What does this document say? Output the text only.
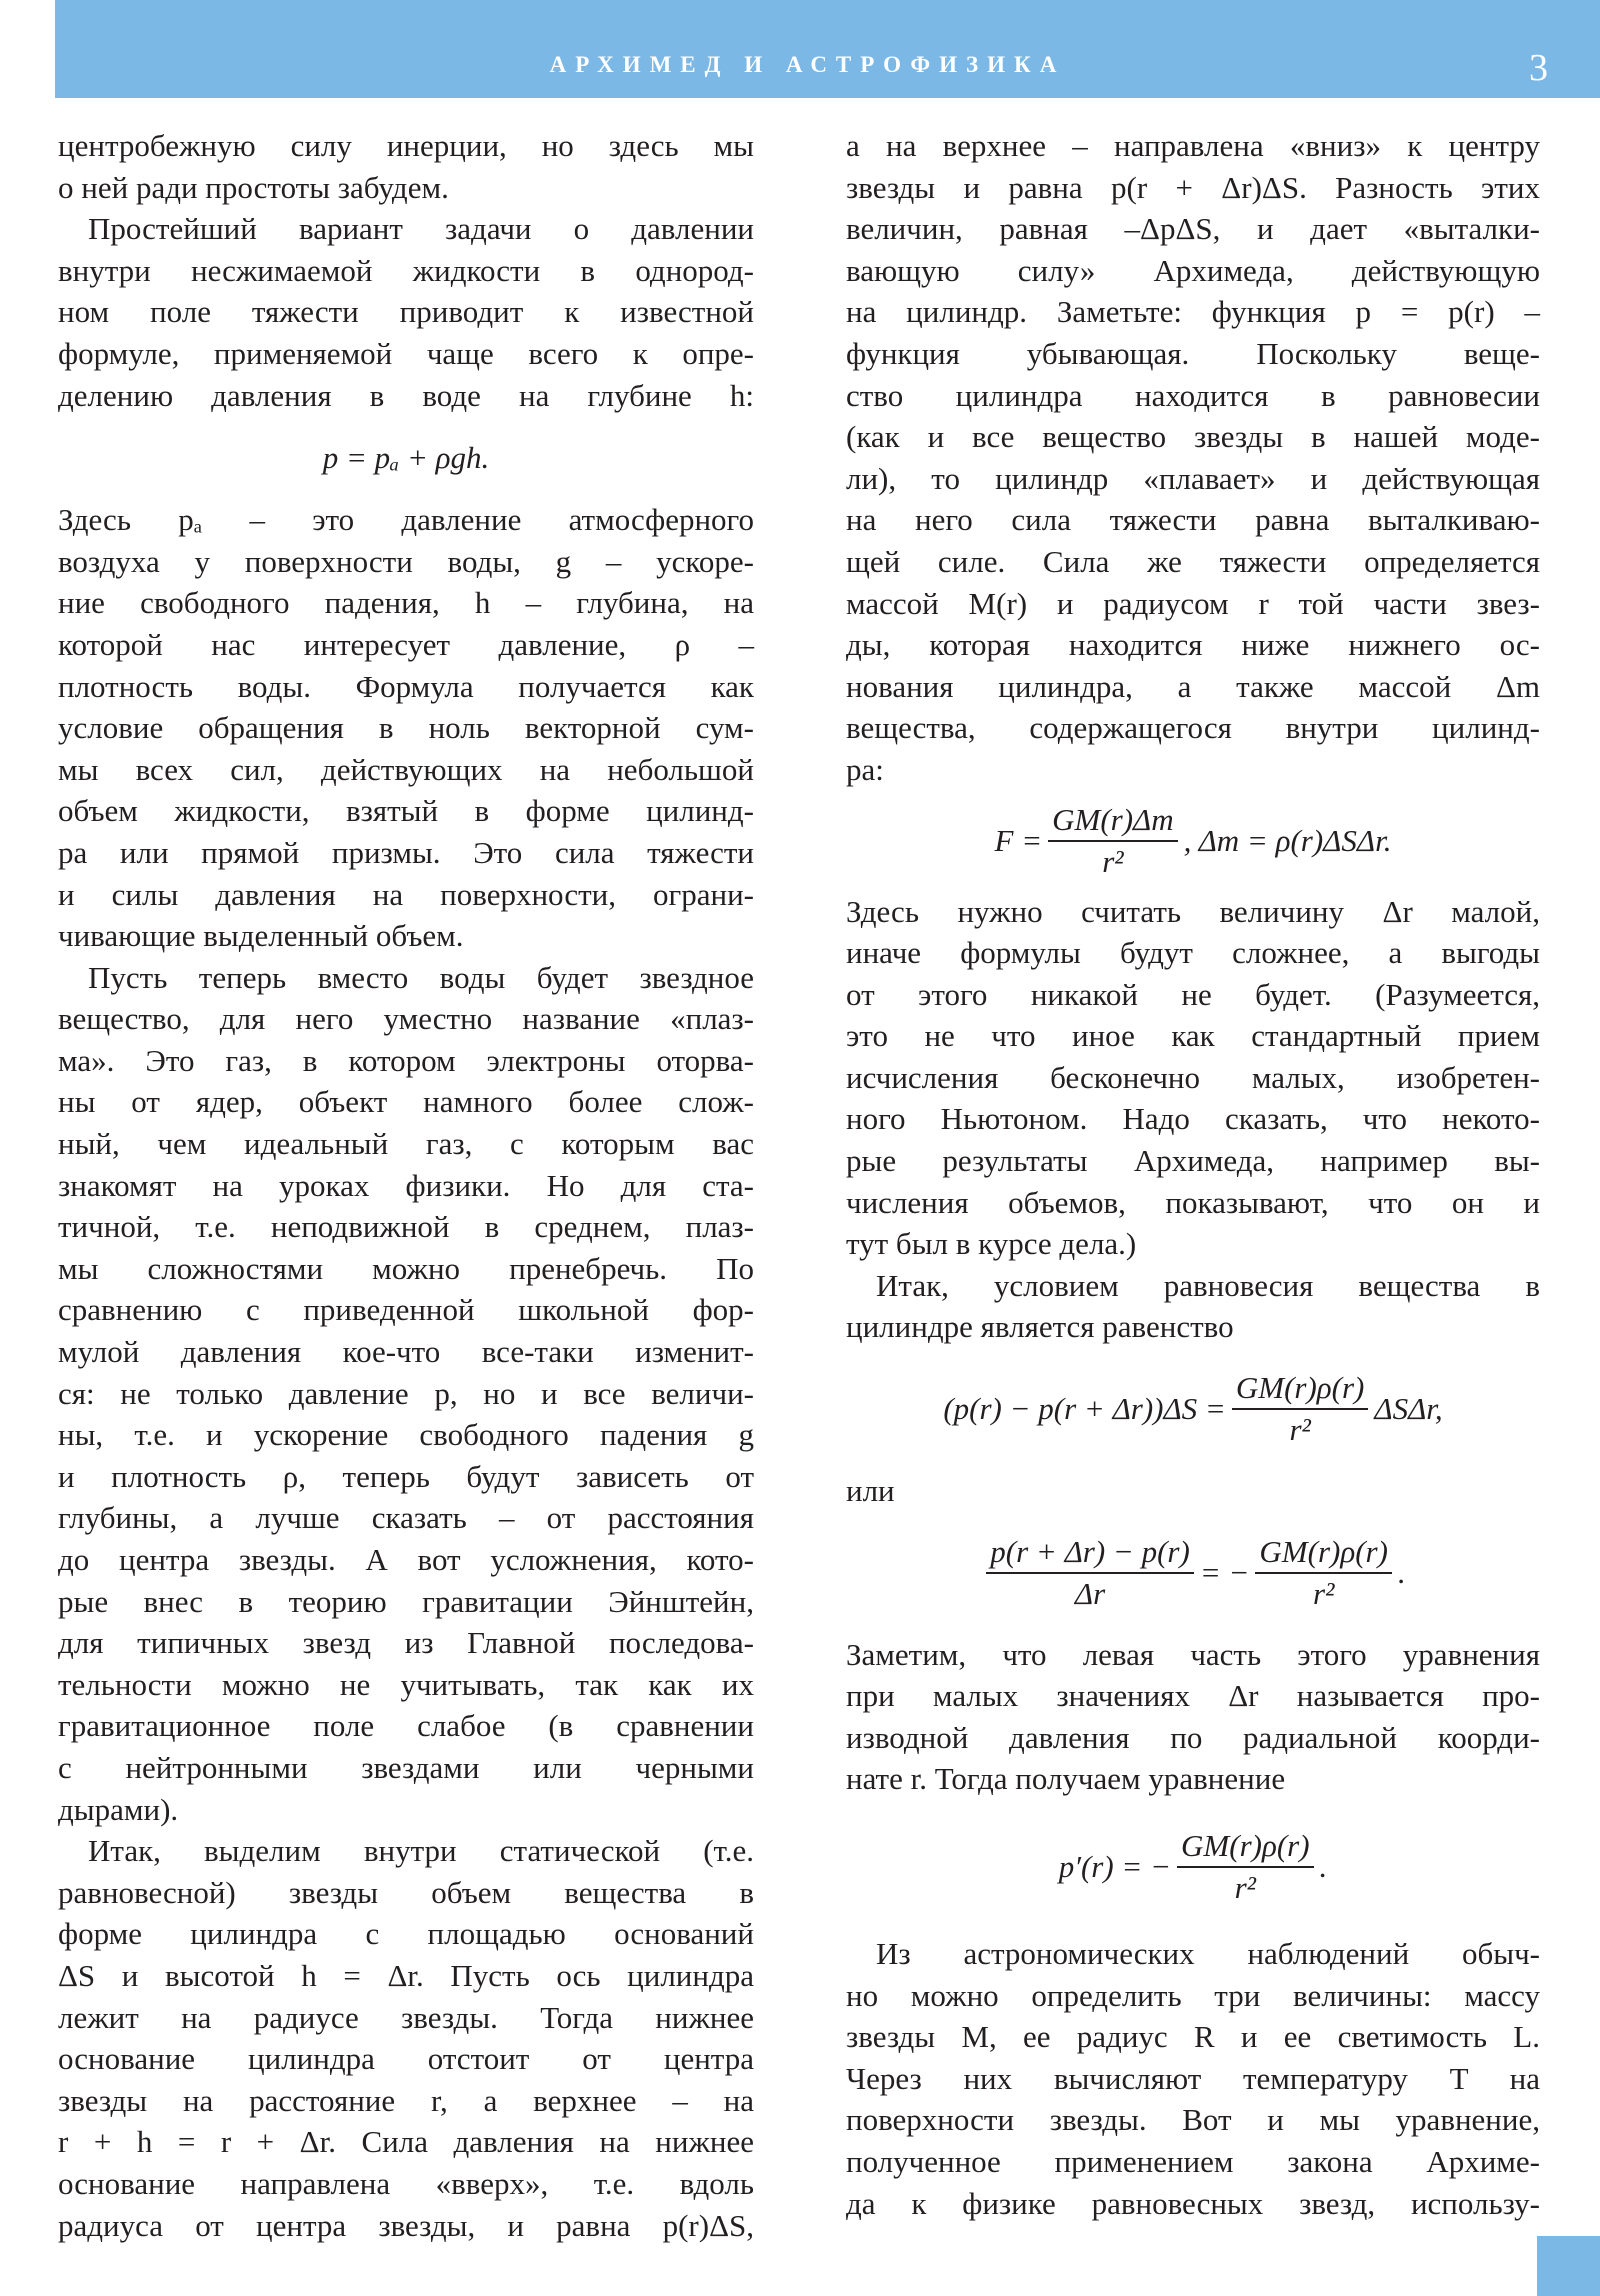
АРХИМЕД И АСТРОФИЗИКА	3
центробежную силу инерции, но здесь мы
о ней ради простоты забудем.
Простейший вариант задачи о давлении
внутри несжимаемой жидкости в однород-
ном поле тяжести приводит к известной
формуле, применяемой чаще всего к опре-
делению давления в воде на глубине h:
p = pₐ + ρgh.
Здесь pₐ – это давление атмосферного
воздуха у поверхности воды, g – ускоре-
ние свободного падения, h – глубина, на
которой нас интересует давление, ρ –
плотность воды. Формула получается как
условие обращения в ноль векторной сум-
мы всех сил, действующих на небольшой
объем жидкости, взятый в форме цилинд-
ра или прямой призмы. Это сила тяжести
и силы давления на поверхности, ограни-
чивающие выделенный объем.
Пусть теперь вместо воды будет звездное
вещество, для него уместно название «плаз-
ма». Это газ, в котором электроны оторва-
ны от ядер, объект намного более слож-
ный, чем идеальный газ, с которым вас
знакомят на уроках физики. Но для ста-
тичной, т.е. неподвижной в среднем, плаз-
мы сложностями можно пренебречь. По
сравнению с приведенной школьной фор-
мулой давления кое-что все-таки изменит-
ся: не только давление p, но и все величи-
ны, т.е. и ускорение свободного падения g
и плотность ρ, теперь будут зависеть от
глубины, а лучше сказать – от расстояния
до центра звезды. А вот усложнения, кото-
рые внес в теорию гравитации Эйнштейн,
для типичных звезд из Главной последова-
тельности можно не учитывать, так как их
гравитационное поле слабое (в сравнении
с нейтронными звездами или черными
дырами).
Итак, выделим внутри статической (т.е.
равновесной) звезды объем вещества в
форме цилиндра с площадью оснований
ΔS и высотой h = Δr. Пусть ось цилиндра
лежит на радиусе звезды. Тогда нижнее
основание цилиндра отстоит от центра
звезды на расстояние r, а верхнее – на
r + h = r + Δr. Сила давления на нижнее
основание направлена «вверх», т.е. вдоль
радиуса от центра звезды, и равна p(r)ΔS,
а на верхнее – направлена «вниз» к центру
звезды и равна p(r + Δr)ΔS. Разность этих
величин, равная –ΔpΔS, и дает «выталки-
вающую силу» Архимеда, действующую
на цилиндр. Заметьте: функция p = p(r) –
функция убывающая. Поскольку веще-
ство цилиндра находится в равновесии
(как и все вещество звезды в нашей моде-
ли), то цилиндр «плавает» и действующая
на него сила тяжести равна выталкиваю-
щей силе. Сила же тяжести определяется
массой M(r) и радиусом r той части звез-
ды, которая находится ниже нижнего ос-
нования цилиндра, а также массой Δm
вещества, содержащегося внутри цилинд-
ра:
$F = \frac{GM(r)\Delta m}{\text{r²}}$ , Δm = ρ(r)ΔSΔr.
Здесь нужно считать величину Δr малой,
иначе формулы будут сложнее, а выгоды
от этого никакой не будет. (Разумеется,
это не что иное как стандартный прием
исчисления бесконечно малых, изобретен-
ного Ньютоном. Надо сказать, что некото-
рые результаты Архимеда, например вы-
числения объемов, показывают, что он и
тут был в курсе дела.)
Итак, условием равновесия вещества в
цилиндре является равенство
$(p(r) - p(r + \Delta r))\Delta S = \frac{GM(r)\rho(r)}{\text{r²}} \Delta S\Delta r$,
или
$\frac{p(r + \Delta r) - p(r)}{\Delta r}$ = − $\frac{GM(r)\rho(r)}{\text{r²}}$ .
Заметим, что левая часть этого уравнения
при малых значениях Δr называется про-
изводной давления по радиальной коорди-
нате r. Тогда получаем уравнение
p′(r) = − $\frac{GM(r)\rho(r)}{\text{r²}}$ .
Из астрономических наблюдений обыч-
но можно определить три величины: массу
звезды M, ее радиус R и ее светимость L.
Через них вычисляют температуру T на
поверхности звезды. Вот и мы уравнение,
полученное применением закона Архиме-
да к физике равновесных звезд, использу-
